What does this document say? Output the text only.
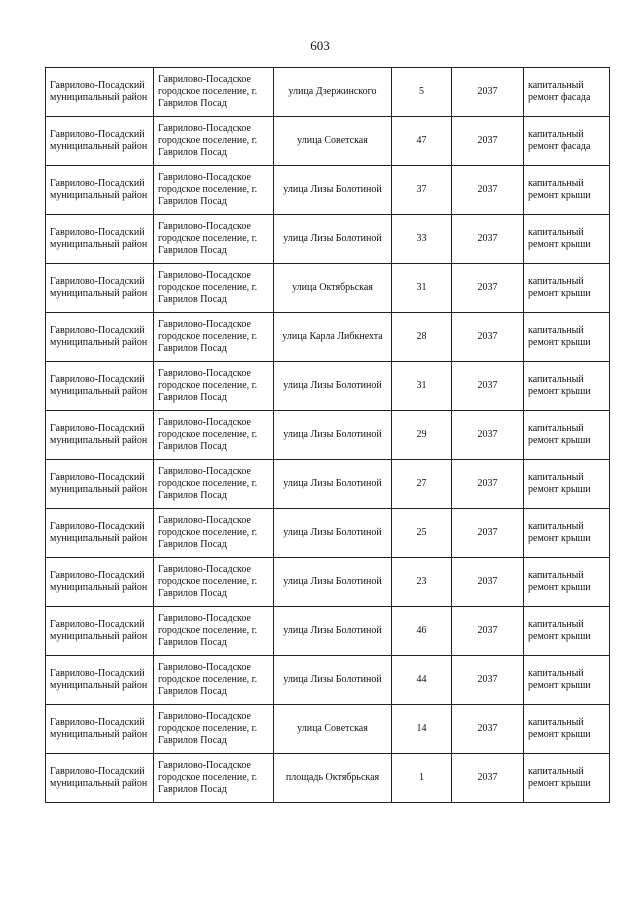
603
Гаврилово-Посадский муниципальный район	Гаврилово-Посадское городское поселение, г. Гаврилов Посад	улица Дзержинского	5	2037	капитальный ремонт фасада
Гаврилово-Посадский муниципальный район	Гаврилово-Посадское городское поселение, г. Гаврилов Посад	улица Советская	47	2037	капитальный ремонт фасада
Гаврилово-Посадский муниципальный район	Гаврилово-Посадское городское поселение, г. Гаврилов Посад	улица Лизы Болотиной	37	2037	капитальный ремонт крыши
Гаврилово-Посадский муниципальный район	Гаврилово-Посадское городское поселение, г. Гаврилов Посад	улица Лизы Болотиной	33	2037	капитальный ремонт крыши
Гаврилово-Посадский муниципальный район	Гаврилово-Посадское городское поселение, г. Гаврилов Посад	улица Октябрьская	31	2037	капитальный ремонт крыши
Гаврилово-Посадский муниципальный район	Гаврилово-Посадское городское поселение, г. Гаврилов Посад	улица Карла Либкнехта	28	2037	капитальный ремонт крыши
Гаврилово-Посадский муниципальный район	Гаврилово-Посадское городское поселение, г. Гаврилов Посад	улица Лизы Болотиной	31	2037	капитальный ремонт крыши
Гаврилово-Посадский муниципальный район	Гаврилово-Посадское городское поселение, г. Гаврилов Посад	улица Лизы Болотиной	29	2037	капитальный ремонт крыши
Гаврилово-Посадский муниципальный район	Гаврилово-Посадское городское поселение, г. Гаврилов Посад	улица Лизы Болотиной	27	2037	капитальный ремонт крыши
Гаврилово-Посадский муниципальный район	Гаврилово-Посадское городское поселение, г. Гаврилов Посад	улица Лизы Болотиной	25	2037	капитальный ремонт крыши
Гаврилово-Посадский муниципальный район	Гаврилово-Посадское городское поселение, г. Гаврилов Посад	улица Лизы Болотиной	23	2037	капитальный ремонт крыши
Гаврилово-Посадский муниципальный район	Гаврилово-Посадское городское поселение, г. Гаврилов Посад	улица Лизы Болотиной	46	2037	капитальный ремонт крыши
Гаврилово-Посадский муниципальный район	Гаврилово-Посадское городское поселение, г. Гаврилов Посад	улица Лизы Болотиной	44	2037	капитальный ремонт крыши
Гаврилово-Посадский муниципальный район	Гаврилово-Посадское городское поселение, г. Гаврилов Посад	улица Советская	14	2037	капитальный ремонт крыши
Гаврилово-Посадский муниципальный район	Гаврилово-Посадское городское поселение, г. Гаврилов Посад	площадь Октябрьская	1	2037	капитальный ремонт крыши
